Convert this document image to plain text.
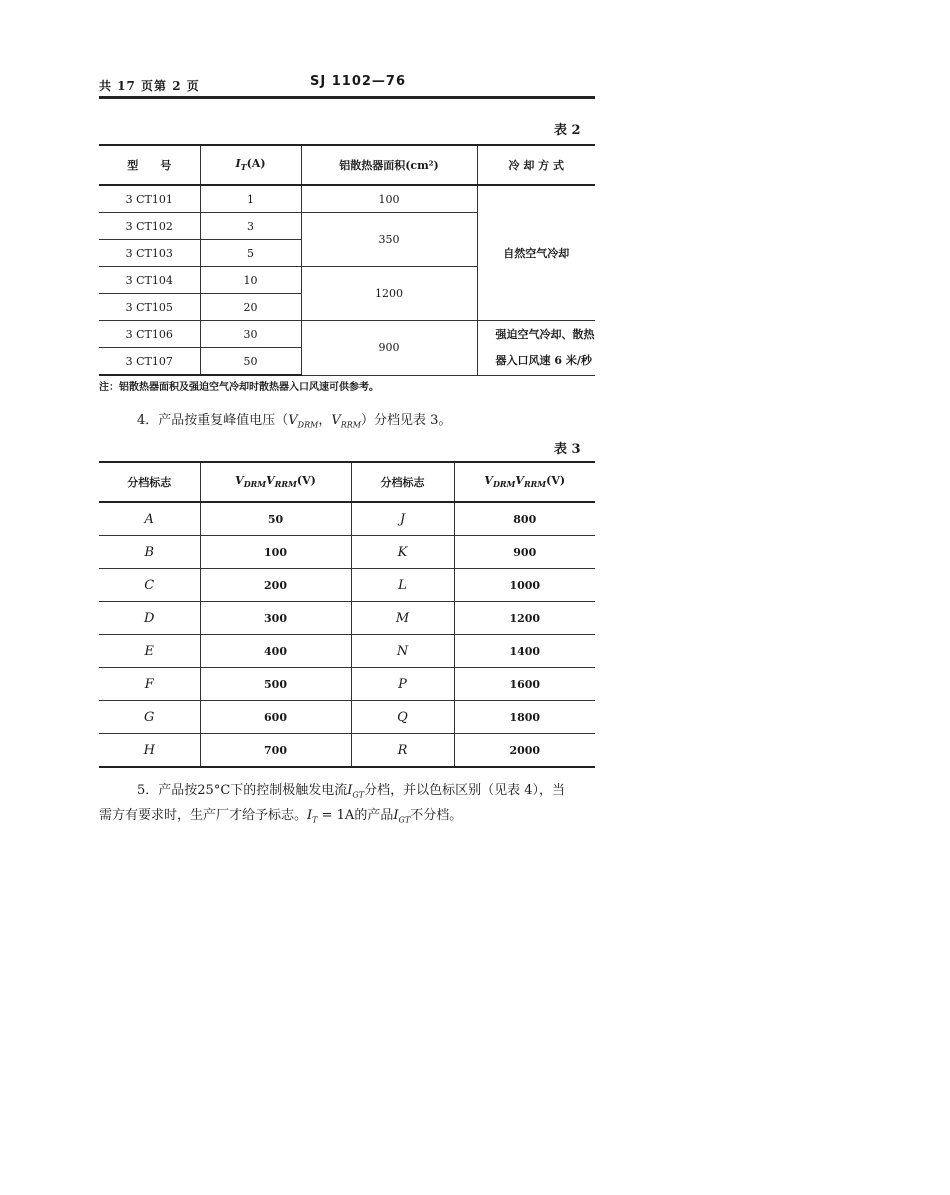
共 17 页第 2 页	SJ 1102—76
表 2
型　　号	$I_T(A)$	铝散热器面积(cm²)	冷 却 方 式
3 CT101	1	100	自然空气冷却
3 CT102	3	350	
3 CT103	5		
3 CT104	10	1200	
3 CT105	20		
3 CT106	30	900	强迫空气冷却、散热
器入口风速 6 米/秒
3 CT107	50		
注：铝散热器面积及强迫空气冷却时散热器入口风速可供参考。
4．产品按重复峰值电压（$V_{DRM}$，$V_{RRM}$）分档见表 3。
表 3
分档标志	$V_{DRM}V_{RRM}(V)$	分档标志	$V_{DRM}V_{RRM}(V)$
A	50	J	800
B	100	K	900
C	200	L	1000
D	300	M	1200
E	400	N	1400
F	500	P	1600
G	600	Q	1800
H	700	R	2000
5．产品按25°C下的控制极触发电流$I_{GT}$分档，并以色标区别（见表 4），当
需方有要求时，生产厂才给予标志。$I_T = 1A$的产品$I_{GT}$不分档。
